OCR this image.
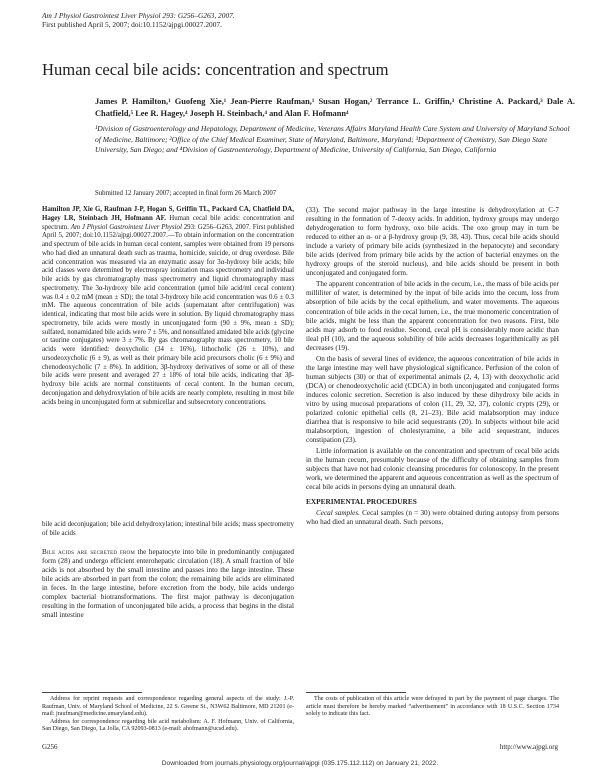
Am J Physiol Gastrointest Liver Physiol 293: G256–G263, 2007.
First published April 5, 2007; doi:10.1152/ajpgi.00027.2007.
Human cecal bile acids: concentration and spectrum
James P. Hamilton,¹ Guofeng Xie,¹ Jean-Pierre Raufman,¹ Susan Hogan,² Terrance L. Griffin,³ Christine A. Packard,³ Dale A. Chatfield,⁵ Lee R. Hagey,⁴ Joseph H. Steinbach,⁴ and Alan F. Hofmann⁴
¹Division of Gastroenterology and Hepatology, Department of Medicine, Veterans Affairs Maryland Health Care System and University of Maryland School of Medicine, Baltimore; ²Office of the Chief Medical Examiner, State of Maryland, Baltimore, Maryland; ³Department of Chemistry, San Diego State University, San Diego; and ⁴Division of Gastroenterology, Department of Medicine, University of California, San Diego, California
Submitted 12 January 2007; accepted in final form 26 March 2007
Hamilton JP, Xie G, Raufman J-P, Hogan S, Griffin TL, Packard CA, Chatfield DA, Hagey LR, Steinbach JH, Hofmann AF. Human cecal bile acids: concentration and spectrum. Am J Physiol Gastrointest Liver Physiol 293: G256–G263, 2007. First published April 5, 2007; doi:10.1152/ajpgi.00027.2007.—To obtain information on the concentration and spectrum of bile acids in human cecal content, samples were obtained from 19 persons who had died an unnatural death such as trauma, homicide, suicide, or drug overdose. Bile acid concentration was measured via an enzymatic assay for 3α-hydroxy bile acids; bile acid classes were determined by electrospray ionization mass spectrometry and individual bile acids by gas chromatography mass spectrometry and liquid chromatography mass spectrometry. The 3α-hydroxy bile acid concentration (μmol bile acid/ml cecal content) was 0.4 ± 0.2 mM (mean ± SD); the total 3-hydroxy bile acid concentration was 0.6 ± 0.3 mM. The aqueous concentration of bile acids (supernatant after centrifugation) was identical, indicating that most bile acids were in solution. By liquid chromatography mass spectrometry, bile acids were mostly in unconjugated form (90 ± 9%, mean ± SD); sulfated, nonamidated bile acids were 7 ± 5%, and nonsulfated amidated bile acids (glycine or taurine conjugates) were 3 ± 7%. By gas chromatography mass spectrometry, 10 bile acids were identified: deoxycholic (34 ± 16%), lithocholic (26 ± 10%), and ursodeoxycholic (6 ± 9), as well as their primary bile acid precursors cholic (6 ± 9%) and chenodeoxycholic (7 ± 8%). In addition, 3β-hydroxy derivatives of some or all of these bile acids were present and averaged 27 ± 18% of total bile acids, indicating that 3β-hydroxy bile acids are normal constituents of cecal content. In the human cecum, deconjugation and dehydroxylation of bile acids are nearly complete, resulting in most bile acids being in unconjugated form at submicellar and subsecretory concentrations.
bile acid deconjugation; bile acid dehydroxylation; intestinal bile acids; mass spectrometry of bile acids
Bile acids are secreted from the hepatocyte into bile in predominantly conjugated form (28) and undergo efficient enterohepatic circulation (18). A small fraction of bile acids is not absorbed by the small intestine and passes into the large intestine. These bile acids are absorbed in part from the colon; the remaining bile acids are eliminated in feces. In the large intestine, before excretion from the body, bile acids undergo complex bacterial biotransformations. The first major pathway is deconjugation resulting in the formation of unconjugated bile acids, a process that begins in the distal small intestine

(33). The second major pathway in the large intestine is dehydroxylation at C-7 resulting in the formation of 7-deoxy acids. In addition, hydroxy groups may undergo dehydrogenation to form hydroxy, oxo bile acids. The oxo group may in turn be reduced to either an α- or a β-hydroxy group (9, 38, 43). Thus, cecal bile acids should include a variety of primary bile acids (synthesized in the hepatocyte) and secondary bile acids (derived from primary bile acids by the action of bacterial enzymes on the hydroxy groups of the steroid nucleus), and bile acids should be present in both unconjugated and conjugated form.

The apparent concentration of bile acids in the cecum, i.e., the mass of bile acids per milliliter of water, is determined by the input of bile acids into the cecum, loss from absorption of bile acids by the cecal epithelium, and water movements. The aqueous concentration of bile acids in the cecal lumen, i.e., the true monomeric concentration of bile acids, might be less than the apparent concentration for two reasons. First, bile acids may adsorb to food residue. Second, cecal pH is considerably more acidic than ileal pH (10), and the aqueous solubility of bile acids decreases logarithmically as pH decreases (19).

On the basis of several lines of evidence, the aqueous concentration of bile acids in the large intestine may well have physiological significance. Perfusion of the colon of human subjects (30) or that of experimental animals (2, 4, 13) with deoxycholic acid (DCA) or chenodeoxycholic acid (CDCA) in both unconjugated and conjugated forms induces colonic secretion. Secretion is also induced by these dihydroxy bile acids in vitro by using mucosal preparations of colon (11, 29, 32, 37), colonic crypts (29), or polarized colonic epithelial cells (8, 21–23). Bile acid malabsorption may induce diarrhea that is responsive to bile acid sequestrants (20). In subjects without bile acid malabsorption, ingestion of cholestyramine, a bile acid sequestrant, induces constipation (23).

Little information is available on the concentration and spectrum of cecal bile acids in the human cecum, presumably because of the difficulty of obtaining samples from subjects that have not had colonic cleansing procedures for colonoscopy. In the present work, we determined the apparent and aqueous concentration as well as the spectrum of cecal bile acids in persons dying an unnatural death.

EXPERIMENTAL PROCEDURES

Cecal samples. Cecal samples (n = 30) were obtained during autopsy from persons who had died an unnatural death. Such persons,

Address for reprint requests and correspondence regarding general aspects of the study: J.-P. Raufman, Univ. of Maryland School of Medicine, 22 S. Greene St., N3W62 Baltimore, MD 21201 (e-mail: jraufman@medicine.umaryland.edu).

Address for correspondence regarding bile acid metabolism: A. F. Hofmann, Univ. of California, San Diego, San Diego, La Jolla, CA 92093-0813 (e-mail: ahofmann@ucsd.edu).

The costs of publication of this article were defrayed in part by the payment of page charges. The article must therefore be hereby marked “advertisement” in accordance with 18 U.S.C. Section 1734 solely to indicate this fact.

G256	http://www.ajpgi.org
Downloaded from journals.physiology.org/journal/ajpgi (035.175.112.112) on January 21, 2022.
